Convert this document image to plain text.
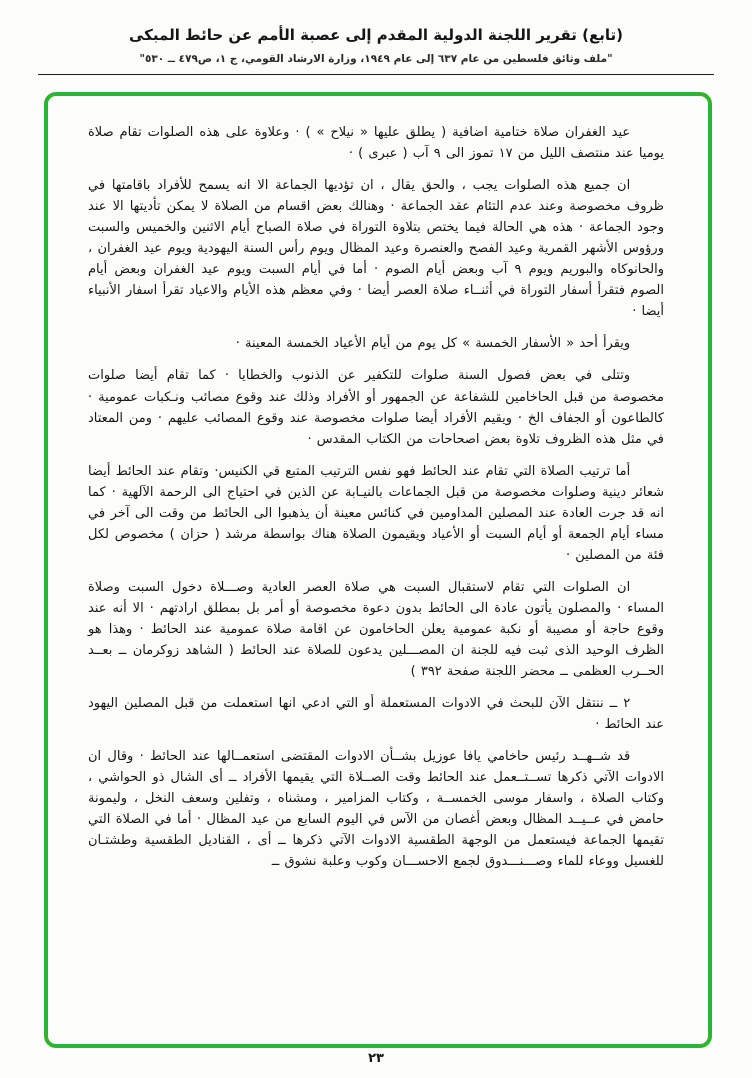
(تابع) تقرير اللجنة الدولية المقدم إلى عصبة الأمم عن حائط المبكى
"ملف وثائق فلسطين من عام ٦٣٧ إلى عام ١٩٤٩، وزارة الارشاد القومي، ج ١، ص٤٧٩ ــ ٥٣٠"

عيد الغفران صلاة ختامية اضافية ( يطلق عليها « نيلاح » ) · وعلاوة على هذه الصلوات تقام صلاة يوميا عند منتصف الليل من ١٧ تموز الى ٩ آب ( عبرى ) ·

ان جميع هذه الصلوات يجب ، والحق يقال ، ان تؤديها الجماعة الا انه يسمح للأفراد باقامتها في ظروف مخصوصة وعند عدم التئام عقد الجماعة · وهنالك بعض اقسام من الصلاة لا يمكن تأديتها الا عند وجود الجماعة · هذه هي الحالة فيما يختص بتلاوة التوراة في صلاة الصباح أيام الاثنين والخميس والسبت ورؤوس الأشهر القمرية وعيد الفصح والعنصرة وعيد المظال ويوم رأس السنة اليهودية ويوم عيد الغفران ، والحانوكاه والبوريم ويوم ٩ آب وبعض أيام الصوم · أما في أيام السبت ويوم عيد الغفران وبعض أيام الصوم فتقرأ أسفار التوراة في أثنــاء صلاة العصر أيضا · وفي معظم هذه الأيام والاعياد تقرأ اسفار الأنبياء أيضا ·

ويقرأ أحد « الأسفار الخمسة » كل يوم من أيام الأعياد الخمسة المعينة ·

وتتلى في بعض فصول السنة صلوات للتكفير عن الذنوب والخطايا · كما تقام أيضا صلوات مخصوصة من قبل الحاخامين للشفاعة عن الجمهور أو الأفراد وذلك عند وقوع مصائب ونـكبات عمومية · كالطاعون أو الجفاف الخ · ويقيم الأفراد أيضا صلوات مخصوصة عند وقوع المصائب عليهم · ومن المعتاد في مثل هذه الظروف تلاوة بعض اصحاحات من الكتاب المقدس ·

أما ترتيب الصلاة التي تقام عند الحائط فهو نفس الترتيب المتبع قي الكنيس· وتقام عند الحائط أيضا شعائر دينية وصلوات مخصوصة من قبل الجماعات بالنيـابة عن الذين في احتياج الى الرحمة الآلهية · كما انه قد جرت العادة عند المصلين المداومين في كنائس معينة أن يذهبوا الى الحائط من وقت الى آخر في مساء أيام الجمعة أو أيام السبت أو الأعياد ويقيمون الصلاة هناك بواسطة مرشد ( حزان ) مخصوص لكل فئة من المصلين ·

ان الصلوات التي تقام لاستقبال السبت هي صلاة العصر العادية وصـــلاة دخول السبت وصلاة المساء · والمصلون يأتون عادة الى الحائط بدون دعوة مخصوصة أو أمر بل بمطلق ارادتهم · الا أنه عند وقوع حاجة أو مصيبة أو نكبة عمومية يعلن الحاخامون عن اقامة صلاة عمومية عند الحائط · وهذا هو الظرف الوحيد الذى ثبت فيه للجنة ان المصـــلين يدعون للصلاة عند الحائط ( الشاهد زوكرمان ــ بعــد الحــرب العظمى ــ محضر اللجنة صفحة ٣٩٢ )

٢ ــ ننتقل الآن للبحث في الادوات المستعملة أو التي ادعي انها استعملت من قبل المصلين اليهود عند الحائط ·

قد شــهــد رئيس حاخامي يافا عوزيل بشــأن الادوات المقتضى استعمــالها عند الحائط · وقال ان الادوات الآتي ذكرها تســتــعمل عند الحائط وقت الصــلاة التي يقيمها الأفراد ــ أى الشال ذو الحواشي ، وكتاب الصلاة ، واسفار موسى الخمســة ، وكتاب المزامير ، ومشناه ، وتفلين وسعف النخل ، وليمونة حامض في عــيــد المظال وبعض أغصان من الآس في اليوم السابع من عيد المظال · أما في الصلاة التي تقيمها الجماعة فيستعمل من الوجهة الطقسية الادوات الآتي ذكرها ــ أى ، القناديل الطقسية وطشتـان للغسيل ووعاء للماء وصـــنـــدوق لجمع الاحســـان وكوب وعلبة نشوق ــ

٢٣
